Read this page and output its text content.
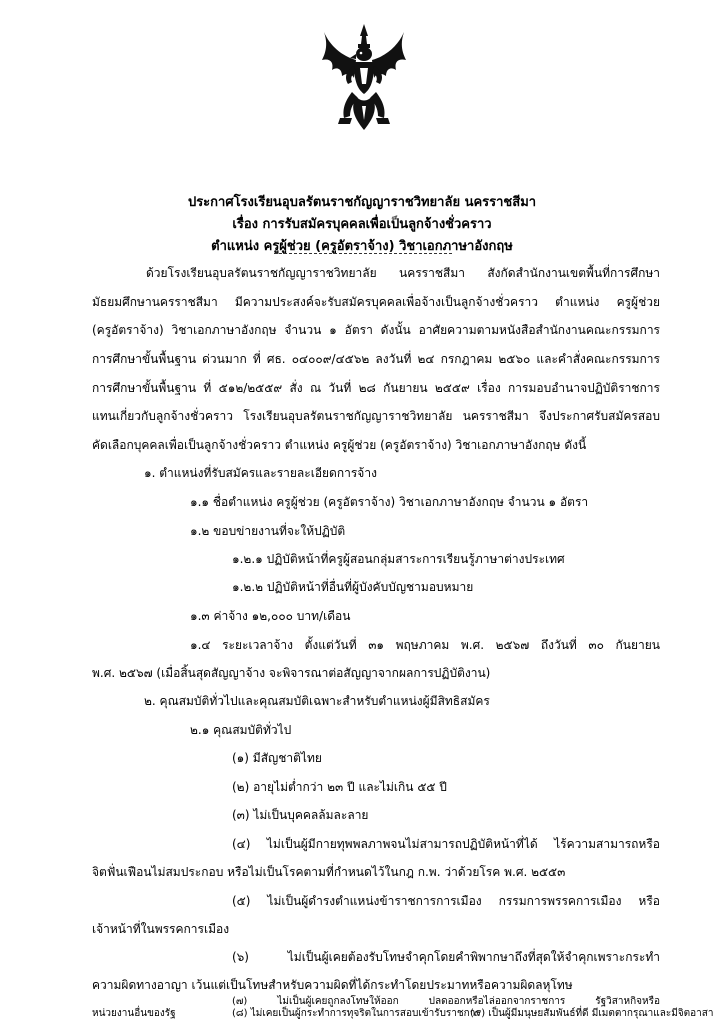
ประกาศโรงเรียนอุบลรัตนราชกัญญาราชวิทยาลัย นครราชสีมา
เรื่อง การรับสมัครบุคคลเพื่อเป็นลูกจ้างชั่วคราว
ตำแหน่ง ครูผู้ช่วย (ครูอัตราจ้าง) วิชาเอกภาษาอังกฤษ
ด้วยโรงเรียนอุบลรัตนราชกัญญาราชวิทยาลัย นครราชสีมา สังกัดสำนักงานเขตพื้นที่การศึกษา
มัธยมศึกษานครราชสีมา มีความประสงค์จะรับสมัครบุคคลเพื่อจ้างเป็นลูกจ้างชั่วคราว ตำแหน่ง ครูผู้ช่วย
(ครูอัตราจ้าง) วิชาเอกภาษาอังกฤษ จำนวน ๑ อัตรา ดังนั้น อาศัยความตามหนังสือสำนักงานคณะกรรมการ
การศึกษาขั้นพื้นฐาน ด่วนมาก ที่ ศธ. ๐๔๐๐๙/๔๕๖๒ ลงวันที่ ๒๔ กรกฎาคม ๒๕๖๐ และคำสั่งคณะกรรมการ
การศึกษาขั้นพื้นฐาน ที่ ๕๑๒/๒๕๕๙ สั่ง ณ วันที่ ๒๘ กันยายน ๒๕๕๙ เรื่อง การมอบอำนาจปฏิบัติราชการ
แทนเกี่ยวกับลูกจ้างชั่วคราว โรงเรียนอุบลรัตนราชกัญญาราชวิทยาลัย นครราชสีมา จึงประกาศรับสมัครสอบ
คัดเลือกบุคคลเพื่อเป็นลูกจ้างชั่วคราว ตำแหน่ง ครูผู้ช่วย (ครูอัตราจ้าง) วิชาเอกภาษาอังกฤษ ดังนี้
๑. ตำแหน่งที่รับสมัครและรายละเอียดการจ้าง
๑.๑ ชื่อตำแหน่ง ครูผู้ช่วย (ครูอัตราจ้าง) วิชาเอกภาษาอังกฤษ จำนวน ๑ อัตรา
๑.๒ ขอบข่ายงานที่จะให้ปฏิบัติ
๑.๒.๑ ปฏิบัติหน้าที่ครูผู้สอนกลุ่มสาระการเรียนรู้ภาษาต่างประเทศ
๑.๒.๒ ปฏิบัติหน้าที่อื่นที่ผู้บังคับบัญชามอบหมาย
๑.๓ ค่าจ้าง ๑๒,๐๐๐ บาท/เดือน
๑.๔ ระยะเวลาจ้าง ตั้งแต่วันที่ ๓๑ พฤษภาคม พ.ศ. ๒๕๖๗ ถึงวันที่ ๓๐ กันยายน
พ.ศ. ๒๕๖๗ (เมื่อสิ้นสุดสัญญาจ้าง จะพิจารณาต่อสัญญาจากผลการปฏิบัติงาน)
๒. คุณสมบัติทั่วไปและคุณสมบัติเฉพาะสำหรับตำแหน่งผู้มีสิทธิสมัคร
๒.๑ คุณสมบัติทั่วไป
(๑) มีสัญชาติไทย
(๒) อายุไม่ต่ำกว่า ๒๓ ปี และไม่เกิน ๕๕ ปี
(๓) ไม่เป็นบุคคลล้มละลาย
(๔) ไม่เป็นผู้มีกายทุพพลภาพจนไม่สามารถปฏิบัติหน้าที่ได้ ไร้ความสามารถหรือ
จิตฟั่นเฟือนไม่สมประกอบ หรือไม่เป็นโรคตามที่กำหนดไว้ในกฎ ก.พ. ว่าด้วยโรค พ.ศ. ๒๕๕๓
(๕) ไม่เป็นผู้ดำรงตำแหน่งข้าราชการการเมือง กรรมการพรรคการเมือง หรือ
เจ้าหน้าที่ในพรรคการเมือง
(๖) ไม่เป็นผู้เคยต้องรับโทษจำคุกโดยคำพิพากษาถึงที่สุดให้จำคุกเพราะกระทำ
ความผิดทางอาญา เว้นแต่เป็นโทษสำหรับความผิดที่ได้กระทำโดยประมาทหรือความผิดลหุโทษ
(๗) ไม่เป็นผู้เคยถูกลงโทษให้ออก ปลดออกหรือไล่ออกจากราชการ รัฐวิสาหกิจหรือ
หน่วยงานอื่นของรัฐ	(๘) ไม่เคยเป็นผู้กระทำการทุจริตในการสอบเข้ารับราชการ
(๙) เป็นผู้มีมนุษยสัมพันธ์ที่ดี มีเมตตากรุณาและมีจิตอาสา
